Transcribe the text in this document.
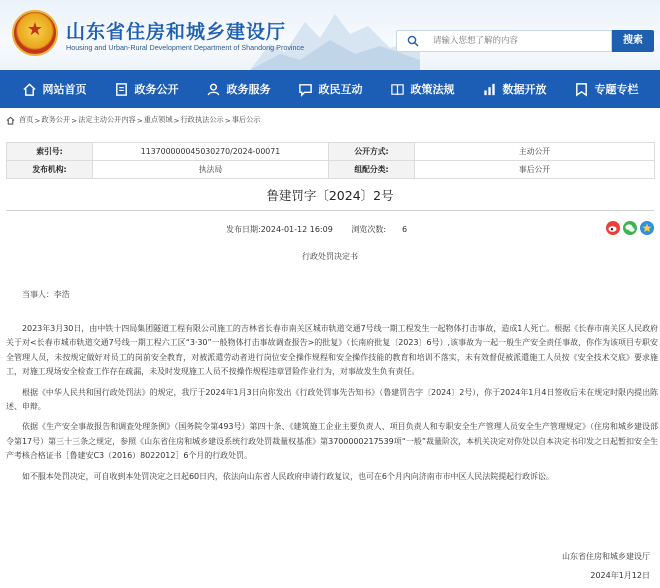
★
山东省住房和城乡建设厅
Housing and Urban-Rural Development Department of Shandong Province
请输入您想了解的内容
搜索
网站首页	政务公开	政务服务	政民互动	政策法规	数据开放	专题专栏
首页 > 政务公开 > 法定主动公开内容 > 重点领域 > 行政执法公示 > 事后公示
索引号:	11370000004503027​0/2024-00071	公开方式:	主动公开
发布机构:	执法局	组配分类:	事后公开
鲁建罚字〔2024〕2号
发布日期:2024-01-12 16:09 浏览次数: 6
行政处罚决定书

当事人：李浩

2023年3月30日，由中铁十四局集团隧道工程有限公司施工的吉林省长春市南关区城市轨道交通7号线一期工程发生一起物体打击事故，造成1人死亡。根据《长春市南关区人民政府关于对<长春市城市轨道交通7号线一期工程六工区“3·30”一般物体打击事故调查报告>的批复》（长南府批复〔2023〕6号）,该事故为一起一般生产安全责任事故，你作为该项目专职安全管理人员，未按规定做好对员工的岗前安全教育，对被派遣劳动者进行岗位安全操作规程和安全操作技能的教育和培训不落实，未有效督促被派遣施工人员按《安全技术交底》要求施工，对施工现场安全检查工作存在疏漏，未及时发现施工人员不按操作规程违章冒险作业行为，对事故发生负有责任。

根据《中华人民共和国行政处罚法》的规定，我厅于2024年1月3日向你发出《行政处罚事先告知书》（鲁建罚告字〔2024〕2号），你于2024年1月4日签收后未在规定时限内提出陈述、申辩。

依据《生产安全事故报告和调查处理条例》（国务院令第493号）第四十条、《建筑施工企业主要负责人、项目负责人和专职安全生产管理人员安全生产管理规定》（住房和城乡建设部令第17号）第三十三条之规定，参照《山东省住房和城乡建设系统行政处罚裁量权基准》第3700000217539项“一般”裁量阶次，本机关决定对你处以自本决定书印发之日起暂扣安全生产考核合格证书［鲁建安C3（2016）8022012］6个月的行政处罚。

如不服本处罚决定，可自收到本处罚决定之日起60日内，依法向山东省人民政府申请行政复议，也可在6个月内向济南市市中区人民法院提起行政诉讼。

山东省住房和城乡建设厅
2024年1月12日
